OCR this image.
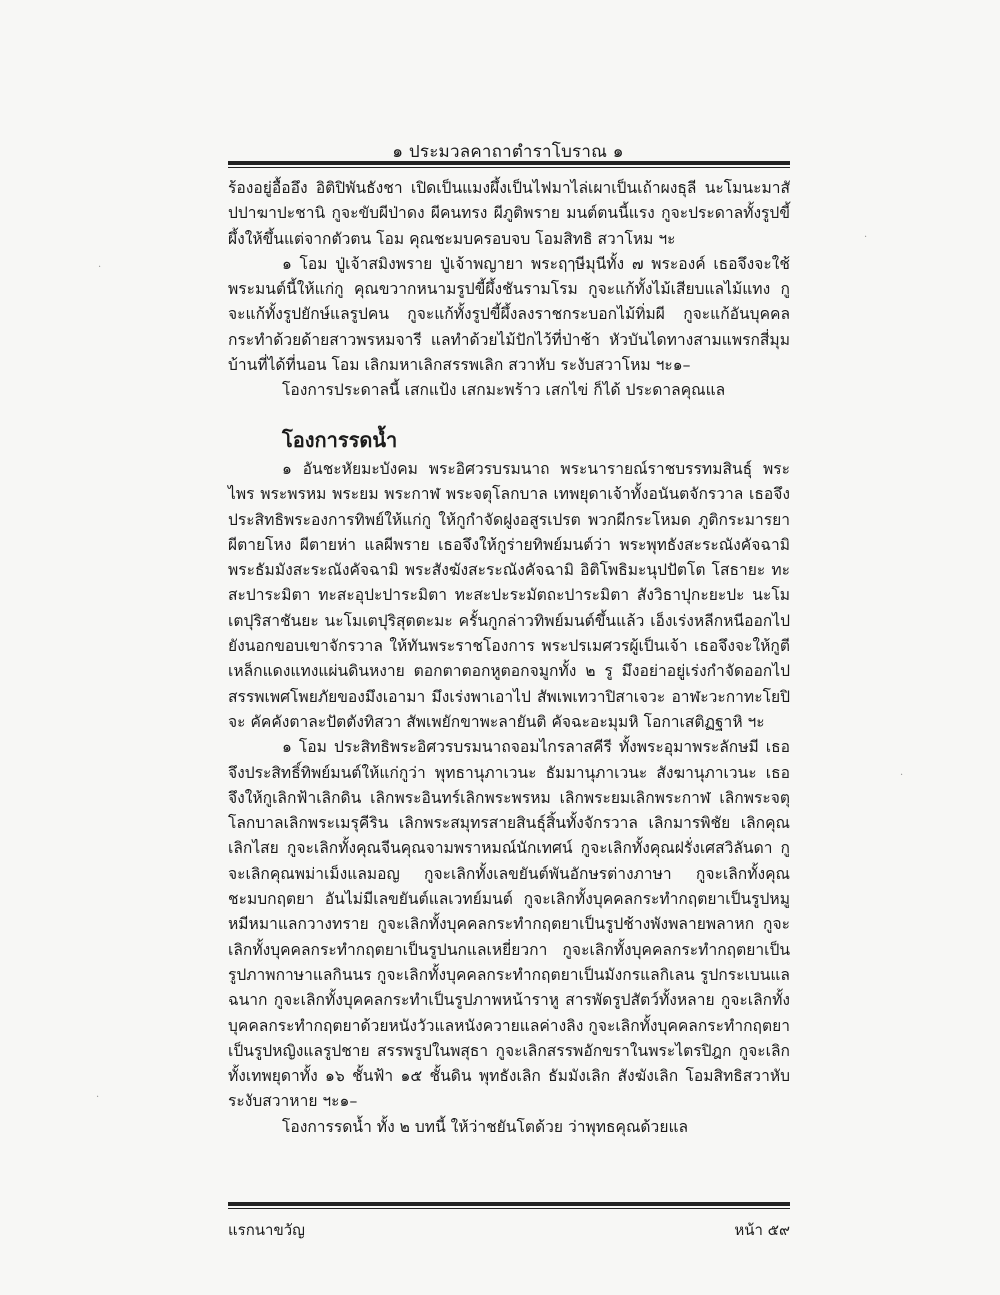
๑ ประมวลคาถาตำราโบราณ ๑

ร้องอยู่อื้ออึง อิติปิพันธังชา เปิดเป็นแมงผึ้งเป็นไฟมาไล่เผาเป็นเถ้าผงธุลี นะโมนะมาสัปปาฆาปะชานิ กูจะขับผีป่าดง ผีคนทรง ผีภูติพราย มนต์ตนนี้แรง กูจะประดาลทั้งรูปขี้ผึ้งให้ขึ้นแต่จากตัวตน โอม คุณชะมบครอบจบ โอมสิทธิ สวาโหม ฯะ

๑ โอม ปู่เจ้าสมิงพราย ปู่เจ้าพญายา พระฤๅษีมุนีทั้ง ๗ พระองค์ เธอจึงจะใช้พระมนต์นี้ให้แก่กู คุณขวากหนามรูปขี้ผึ้งชันรามโรม กูจะแก้ทั้งไม้เสียบแลไม้แทง กูจะแก้ทั้งรูปยักษ์แลรูปคน กูจะแก้ทั้งรูปขี้ผึ้งลงราชกระบอกไม้ทิ่มผี กูจะแก้อันบุคคลกระทำด้วยด้ายสาวพรหมจารี แลทำด้วยไม้ปักไว้ที่ป่าช้า หัวบันไดทางสามแพรกสี่มุมบ้านที่ได้ที่นอน โอม เลิกมหาเลิกสรรพเลิก สวาหับ ระงับสวาโหม ฯะ๑–

โองการประดาลนี้ เสกแป้ง เสกมะพร้าว เสกไข่ ก็ได้ ประดาลคุณแล

โองการรดน้ำ

๑ อันชะหัยมะบังคม พระอิศวรบรมนาถ พระนารายณ์ราชบรรทมสินธุ์ พระไพร พระพรหม พระยม พระกาฬ พระจตุโลกบาล เทพยุดาเจ้าทั้งอนันตจักรวาล เธอจึงประสิทธิพระองการทิพย์ให้แก่กู ให้กูกำจัดฝูงอสูรเปรต พวกผีกระโหมด ภูติกระมารยา ผีตายโหง ผีตายห่า แลผีพราย เธอจึงให้กูร่ายทิพย์มนต์ว่า พระพุทธังสะระณังคัจฉามิ พระธัมมังสะระณังคัจฉามิ พระสังฆังสะระณังคัจฉามิ อิติโพธิมะนุปปัตโต โสธายะ ทะสะปาระมิตา ทะสะอุปะปาระมิตา ทะสะปะระมัตถะปาระมิตา สังวิธาปุกะยะปะ นะโมเตปุริสาชันยะ นะโมเตปุริสุตตะมะ ครั้นกูกล่าวทิพย์มนต์ขึ้นแล้ว เอ็งเร่งหลีกหนีออกไปยังนอกขอบเขาจักรวาล ให้ทันพระราชโองการ พระปรเมศวรผู้เป็นเจ้า เธอจึงจะให้กูตีเหล็กแดงแทงแผ่นดินหงาย ตอกตาตอกหูตอกจมูกทั้ง ๒ รู มึงอย่าอยู่เร่งกำจัดออกไป สรรพเพศโพยภัยของมึงเอามา มึงเร่งพาเอาไป สัพเพเทวาปิสาเจวะ อาฬะวะกาทะโยปิจะ คัคคังตาละปัตตังทิสวา สัพเพยักขาพะลายันติ คัจฉะอะมุมหิ โอกาเสติฏฐาหิ ฯะ

๑ โอม ประสิทธิพระอิศวรบรมนาถจอมไกรลาสคีรี ทั้งพระอุมาพระลักษมี เธอจึงประสิทธิ์ทิพย์มนต์ให้แก่กูว่า พุทธานุภาเวนะ ธัมมานุภาเวนะ สังฆานุภาเวนะ เธอจึงให้กูเลิกฟ้าเลิกดิน เลิกพระอินทร์เลิกพระพรหม เลิกพระยมเลิกพระกาฬ เลิกพระจตุโลกบาลเลิกพระเมรุคีริน เลิกพระสมุทรสายสินธุ์สิ้นทั้งจักรวาล เลิกมารพิชัย เลิกคุณเลิกไสย กูจะเลิกทั้งคุณจีนคุณจามพราหมณ์นักเทศน์ กูจะเลิกทั้งคุณฝรั่งเศสวิลันดา กูจะเลิกคุณพม่าเม็งแลมอญ กูจะเลิกทั้งเลขยันต์พันอักษรต่างภาษา กูจะเลิกทั้งคุณชะมบกฤตยา อันไม่มีเลขยันต์แลเวทย์มนต์ กูจะเลิกทั้งบุคคลกระทำกฤตยาเป็นรูปหมูหมีหมาแลกวางทราย กูจะเลิกทั้งบุคคลกระทำกฤตยาเป็นรูปช้างพังพลายพลาหก กูจะเลิกทั้งบุคคลกระทำกฤตยาเป็นรูปนกแลเหยี่ยวกา กูจะเลิกทั้งบุคคลกระทำกฤตยาเป็นรูปภาพกาษาแลกินนร กูจะเลิกทั้งบุคคลกระทำกฤตยาเป็นมังกรแลกิเลน รูปกระเบนแลฉนาก กูจะเลิกทั้งบุคคลกระทำเป็นรูปภาพหน้าราหู สารพัดรูปสัตว์ทั้งหลาย กูจะเลิกทั้งบุคคลกระทำกฤตยาด้วยหนังวัวแลหนังควายแลค่างลิง กูจะเลิกทั้งบุคคลกระทำกฤตยาเป็นรูปหญิงแลรูปชาย สรรพรูปในพสุธา กูจะเลิกสรรพอักขราในพระไตรปิฎก กูจะเลิกทั้งเทพยุดาทั้ง ๑๖ ชั้นฟ้า ๑๕ ชั้นดิน พุทธังเลิก ธัมมังเลิก สังฆังเลิก โอมสิทธิสวาหับ ระงับสวาหาย ฯะ๑–

โองการรดน้ำ ทั้ง ๒ บทนี้ ให้ว่าชยันโตด้วย ว่าพุทธคุณด้วยแล

แรกนาขวัญ	หน้า ๕๙
·
·
·
·
